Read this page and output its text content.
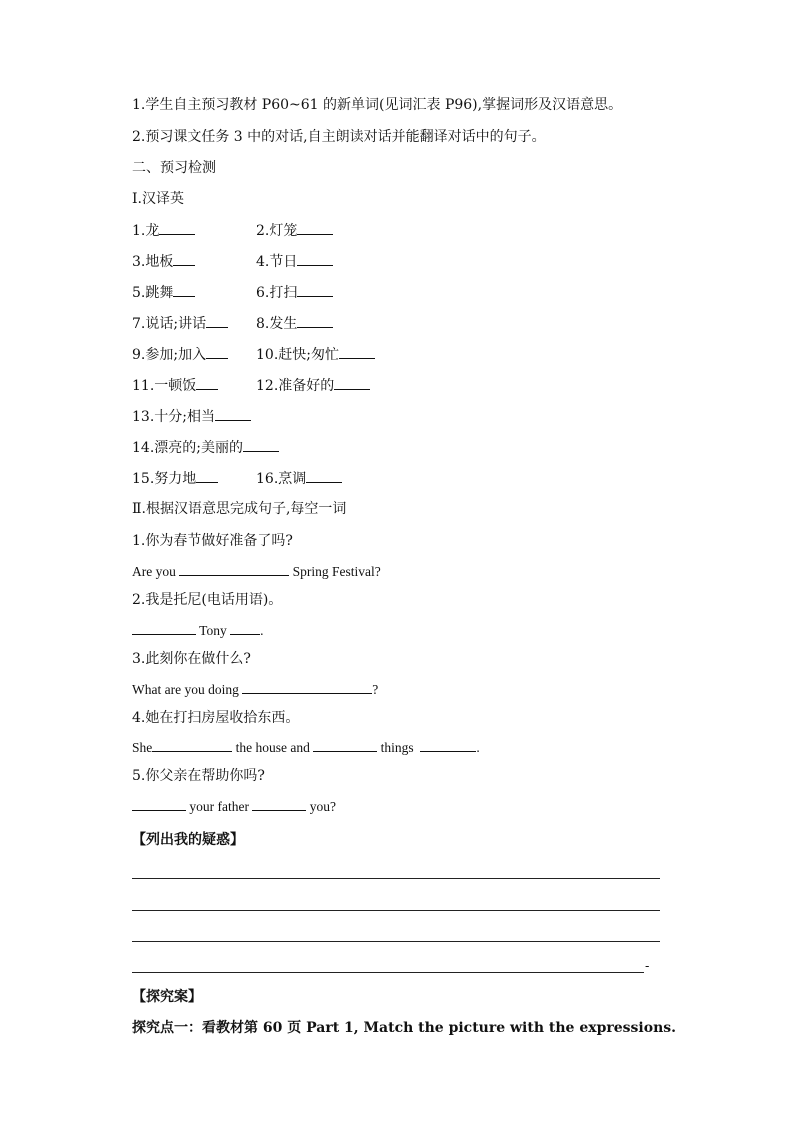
1.学生自主预习教材 P60~61 的新单词(见词汇表 P96),掌握词形及汉语意思。
2.预习课文任务 3 中的对话,自主朗读对话并能翻译对话中的句子。
二、预习检测
Ⅰ.汉译英
1.龙	2.灯笼
3.地板	4.节日
5.跳舞	6.打扫
7.说话;讲话	8.发生
9.参加;加入	10.赶快;匆忙
11.一顿饭	12.准备好的
13.十分;相当
14.漂亮的;美丽的
15.努力地	16.烹调
Ⅱ.根据汉语意思完成句子,每空一词
1.你为春节做好准备了吗?
Are you	Spring Festival?
2.我是托尼(电话用语)。
Tony .
3.此刻你在做什么?
What are you doing	?
4.她在打扫房屋收拾东西。
She	the house and	things	.
5.你父亲在帮助你吗?
your father	you?
【列出我的疑惑】
-
【探究案】
探究点一：看教材第 60 页 Part 1, Match the picture with the expressions.
